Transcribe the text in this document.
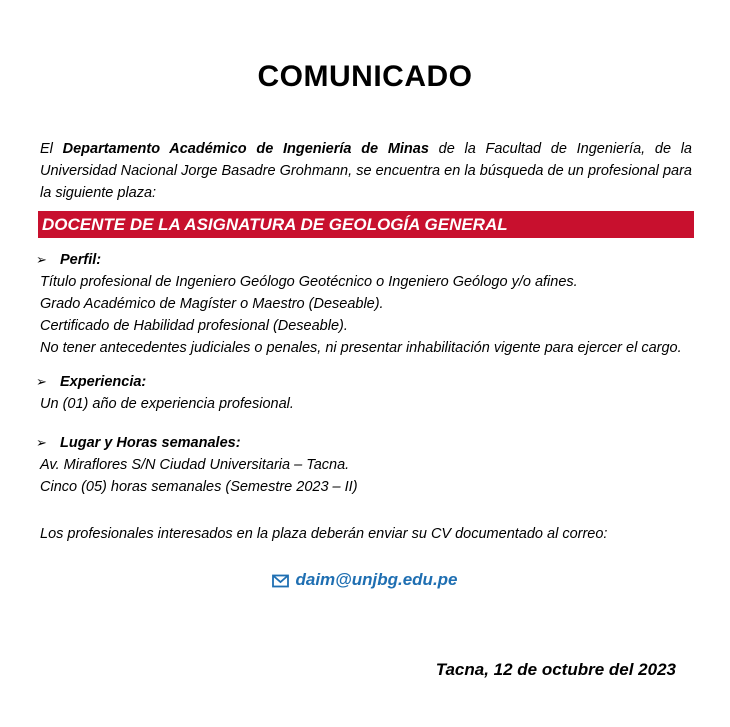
COMUNICADO
El Departamento Académico de Ingeniería de Minas de la Facultad de Ingeniería, de la Universidad Nacional Jorge Basadre Grohmann, se encuentra en la búsqueda de un profesional para la siguiente plaza:
DOCENTE DE LA ASIGNATURA DE GEOLOGÍA GENERAL
➢ Perfil:
Título profesional de Ingeniero Geólogo Geotécnico o Ingeniero Geólogo y/o afines.
Grado Académico de Magíster o Maestro (Deseable).
Certificado de Habilidad profesional (Deseable).
No tener antecedentes judiciales o penales, ni presentar inhabilitación vigente para ejercer el cargo.
➢ Experiencia:
Un (01) año de experiencia profesional.
➢ Lugar y Horas semanales:
Av. Miraflores S/N Ciudad Universitaria – Tacna.
Cinco (05) horas semanales (Semestre 2023 – II)
Los profesionales interesados en la plaza deberán enviar su CV documentado al correo:
daim@unjbg.edu.pe
Tacna, 12 de octubre del 2023
